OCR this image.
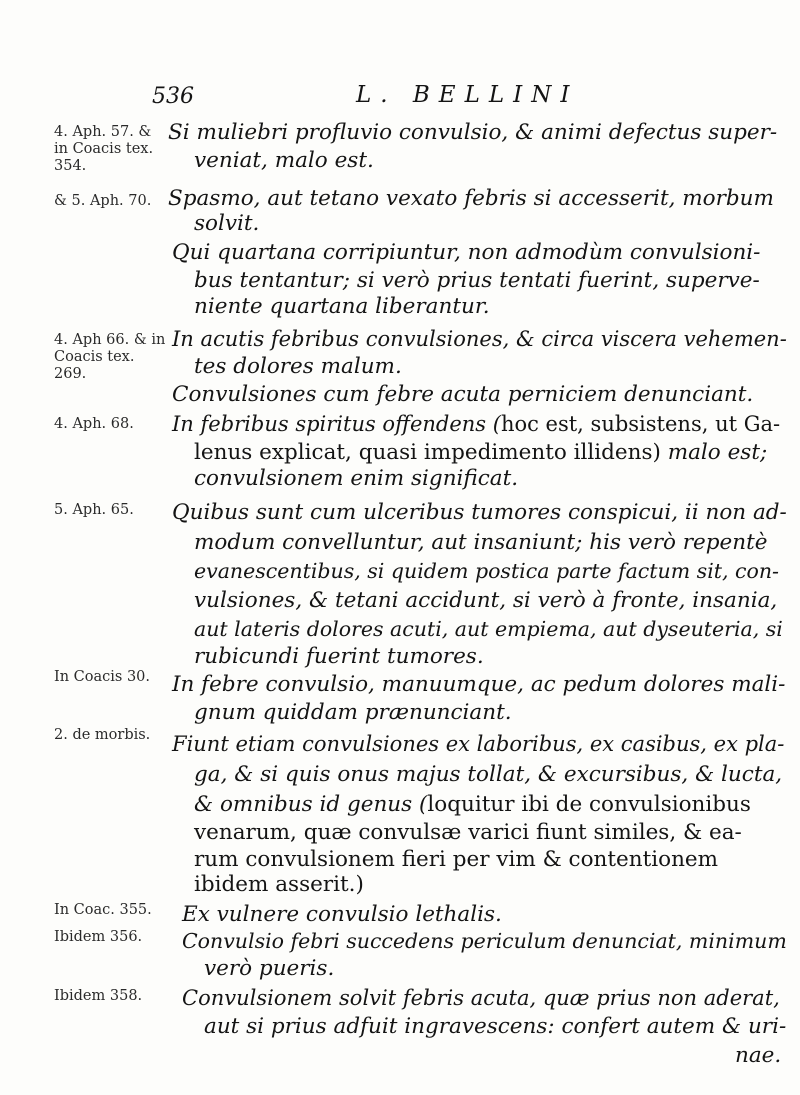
536	L. BELLINI
4. Aph. 57. &
in Coacis tex.
354.
& 5. Aph. 70.
4. Aph 66. & in
Coacis tex.
269.
4. Aph. 68.
5. Aph. 65.
In Coacis 30.
2. de morbis.
In Coac. 355.
Ibidem 356.
Ibidem 358.
Si muliebri profluvio convulsio, & animi defectus super-
veniat, malo est.
Spasmo, aut tetano vexato febris si accesserit, morbum
solvit.
Qui quartana corripiuntur, non admodùm convulsioni-
bus tentantur; si verò prius tentati fuerint, superve-
niente quartana liberantur.
In acutis febribus convulsiones, & circa viscera vehemen-
tes dolores malum.
Convulsiones cum febre acuta perniciem denunciant.
In febribus spiritus offendens (hoc est, subsistens, ut Ga-
lenus explicat, quasi impedimento illidens) malo est;
convulsionem enim significat.
Quibus sunt cum ulceribus tumores conspicui, ii non ad-
modum convelluntur, aut insaniunt; his verò repentè
evanescentibus, si quidem postica parte factum sit, con-
vulsiones, & tetani accidunt, si verò à fronte, insania,
aut lateris dolores acuti, aut empiema, aut dyseuteria, si
rubicundi fuerint tumores.
In febre convulsio, manuumque, ac pedum dolores mali-
gnum quiddam prænunciant.
Fiunt etiam convulsiones ex laboribus, ex casibus, ex pla-
ga, & si quis onus majus tollat, & excursibus, & lucta,
& omnibus id genus (loquitur ibi de convulsionibus
venarum, quæ convulsæ varici fiunt similes, & ea-
rum convulsionem fieri per vim & contentionem
ibidem asserit.)
Ex vulnere convulsio lethalis.
Convulsio febri succedens periculum denunciat, minimum
verò pueris.
Convulsionem solvit febris acuta, quæ prius non aderat,
aut si prius adfuit ingravescens: confert autem & uri-
nae.
